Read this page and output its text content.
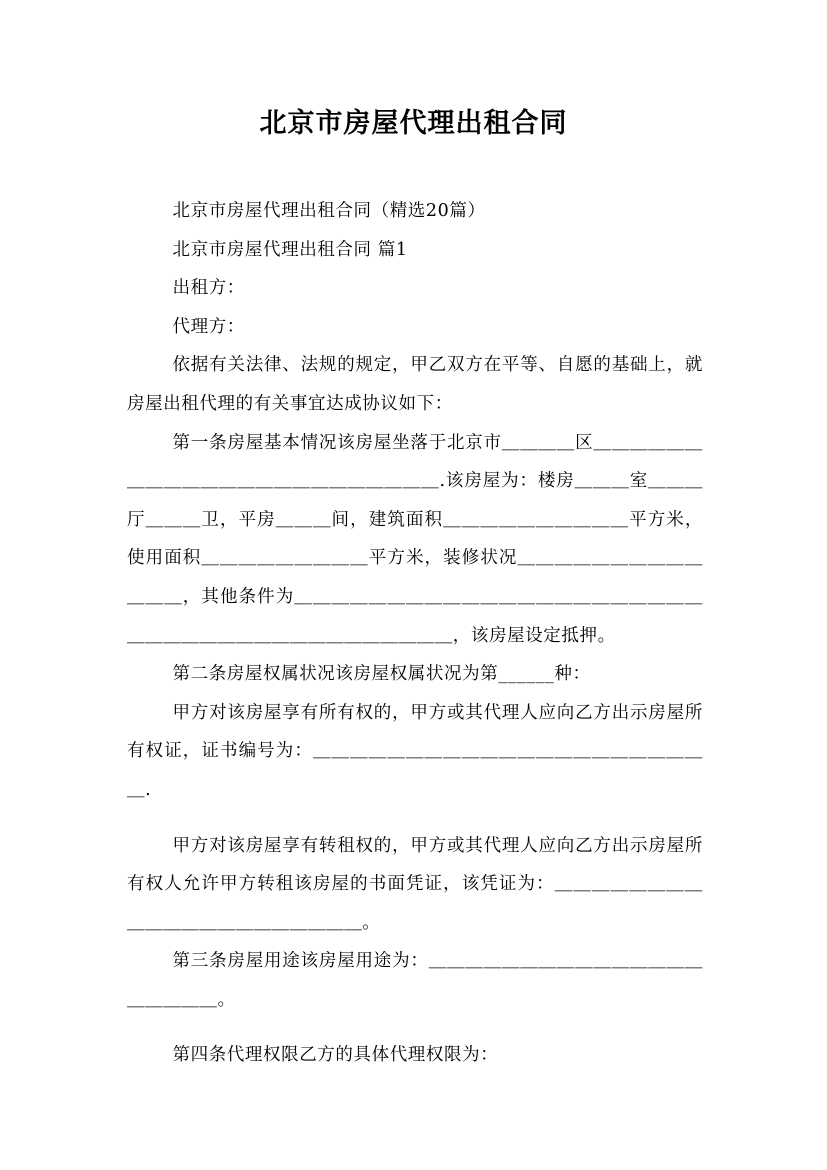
北京市房屋代理出租合同

北京市房屋代理出租合同（精选20篇）

北京市房屋代理出租合同 篇1

出租方：

代理方：

依据有关法律、法规的规定，甲乙双方在平等、自愿的基础上，就房屋出租代理的有关事宜达成协议如下：

第一条房屋基本情况该房屋坐落于北京市＿＿＿＿区＿＿＿＿＿＿＿＿＿＿＿＿＿＿＿＿＿＿＿＿＿＿＿.该房屋为：楼房＿＿＿室＿＿＿厅＿＿＿卫，平房＿＿＿间，建筑面积＿＿＿＿＿＿＿＿＿＿平方米，使用面积＿＿＿＿＿＿＿＿＿平方米，装修状况＿＿＿＿＿＿＿＿＿＿＿＿＿，其他条件为＿＿＿＿＿＿＿＿＿＿＿＿＿＿＿＿＿＿＿＿＿＿＿＿＿＿＿＿＿＿＿＿＿＿＿＿＿＿＿＿，该房屋设定抵押。

第二条房屋权属状况该房屋权属状况为第______种：

甲方对该房屋享有所有权的，甲方或其代理人应向乙方出示房屋所有权证，证书编号为：＿＿＿＿＿＿＿＿＿＿＿＿＿＿＿＿＿＿＿＿＿＿.

甲方对该房屋享有转租权的，甲方或其代理人应向乙方出示房屋所有权人允许甲方转租该房屋的书面凭证，该凭证为：＿＿＿＿＿＿＿＿＿＿＿＿＿＿＿＿＿＿＿＿＿。

第三条房屋用途该房屋用途为：＿＿＿＿＿＿＿＿＿＿＿＿＿＿＿＿＿＿＿＿。

第四条代理权限乙方的具体代理权限为：
